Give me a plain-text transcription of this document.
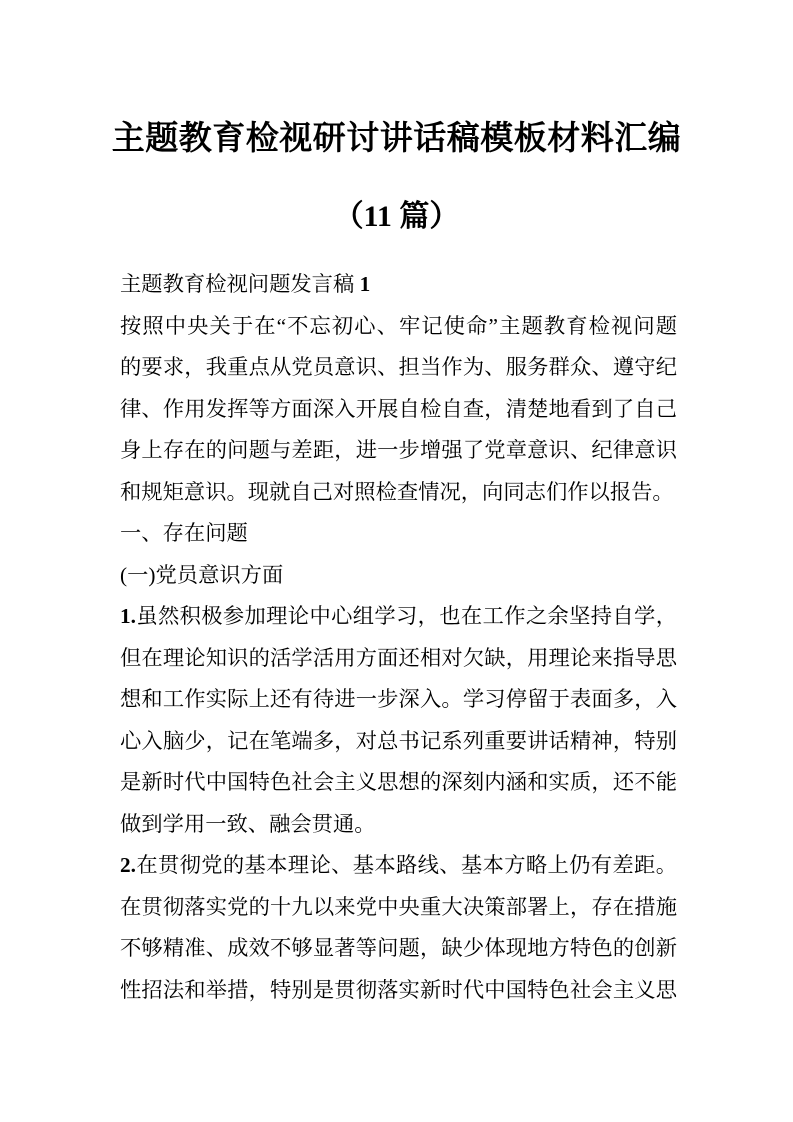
主题教育检视研讨讲话稿模板材料汇编
（11 篇）
主题教育检视问题发言稿 1
按照中央关于在“不忘初心、牢记使命”主题教育检视问题
的要求，我重点从党员意识、担当作为、服务群众、遵守纪
律、作用发挥等方面深入开展自检自查，清楚地看到了自己
身上存在的问题与差距，进一步增强了党章意识、纪律意识
和规矩意识。现就自己对照检查情况，向同志们作以报告。
一、存在问题
(一)党员意识方面
1.虽然积极参加理论中心组学习，也在工作之余坚持自学，
但在理论知识的活学活用方面还相对欠缺，用理论来指导思
想和工作实际上还有待进一步深入。学习停留于表面多，入
心入脑少，记在笔端多，对总书记系列重要讲话精神，特别
是新时代中国特色社会主义思想的深刻内涵和实质，还不能
做到学用一致、融会贯通。
2.在贯彻党的基本理论、基本路线、基本方略上仍有差距。
在贯彻落实党的十九以来党中央重大决策部署上，存在措施
不够精准、成效不够显著等问题，缺少体现地方特色的创新
性招法和举措，特别是贯彻落实新时代中国特色社会主义思
